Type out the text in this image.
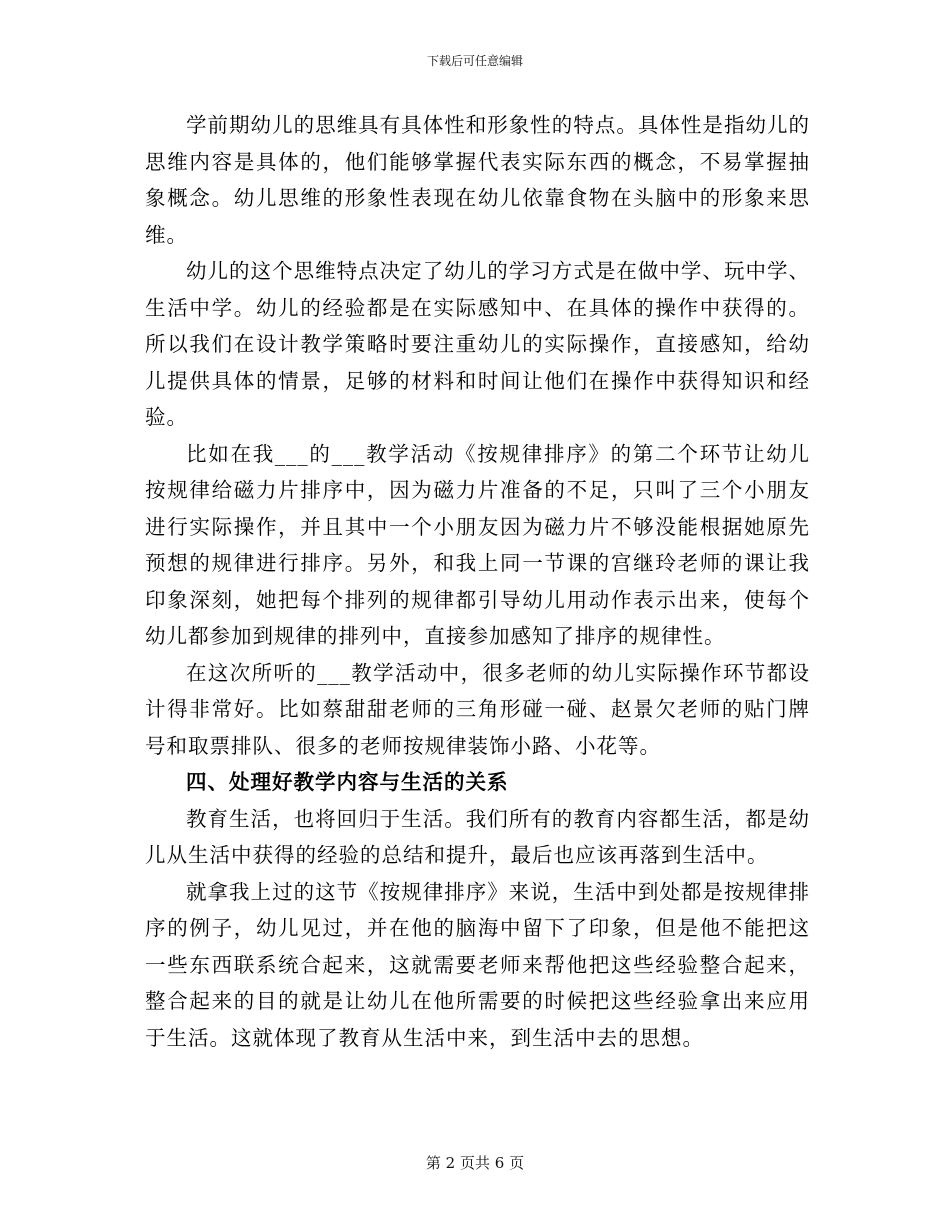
下载后可任意编辑

学前期幼儿的思维具有具体性和形象性的特点。具体性是指幼儿的思维内容是具体的，他们能够掌握代表实际东西的概念，不易掌握抽象概念。幼儿思维的形象性表现在幼儿依靠食物在头脑中的形象来思维。

幼儿的这个思维特点决定了幼儿的学习方式是在做中学、玩中学、生活中学。幼儿的经验都是在实际感知中、在具体的操作中获得的。所以我们在设计教学策略时要注重幼儿的实际操作，直接感知，给幼儿提供具体的情景，足够的材料和时间让他们在操作中获得知识和经验。

比如在我___的___教学活动《按规律排序》的第二个环节让幼儿按规律给磁力片排序中，因为磁力片准备的不足，只叫了三个小朋友进行实际操作，并且其中一个小朋友因为磁力片不够没能根据她原先预想的规律进行排序。另外，和我上同一节课的宫继玲老师的课让我印象深刻，她把每个排列的规律都引导幼儿用动作表示出来，使每个幼儿都参加到规律的排列中，直接参加感知了排序的规律性。

在这次所听的___教学活动中，很多老师的幼儿实际操作环节都设计得非常好。比如蔡甜甜老师的三角形碰一碰、赵景欠老师的贴门牌号和取票排队、很多的老师按规律装饰小路、小花等。

四、处理好教学内容与生活的关系

教育生活，也将回归于生活。我们所有的教育内容都生活，都是幼儿从生活中获得的经验的总结和提升，最后也应该再落到生活中。

就拿我上过的这节《按规律排序》来说，生活中到处都是按规律排序的例子，幼儿见过，并在他的脑海中留下了印象，但是他不能把这一些东西联系统合起来，这就需要老师来帮他把这些经验整合起来，整合起来的目的就是让幼儿在他所需要的时候把这些经验拿出来应用于生活。这就体现了教育从生活中来，到生活中去的思想。

第 2 页共 6 页
